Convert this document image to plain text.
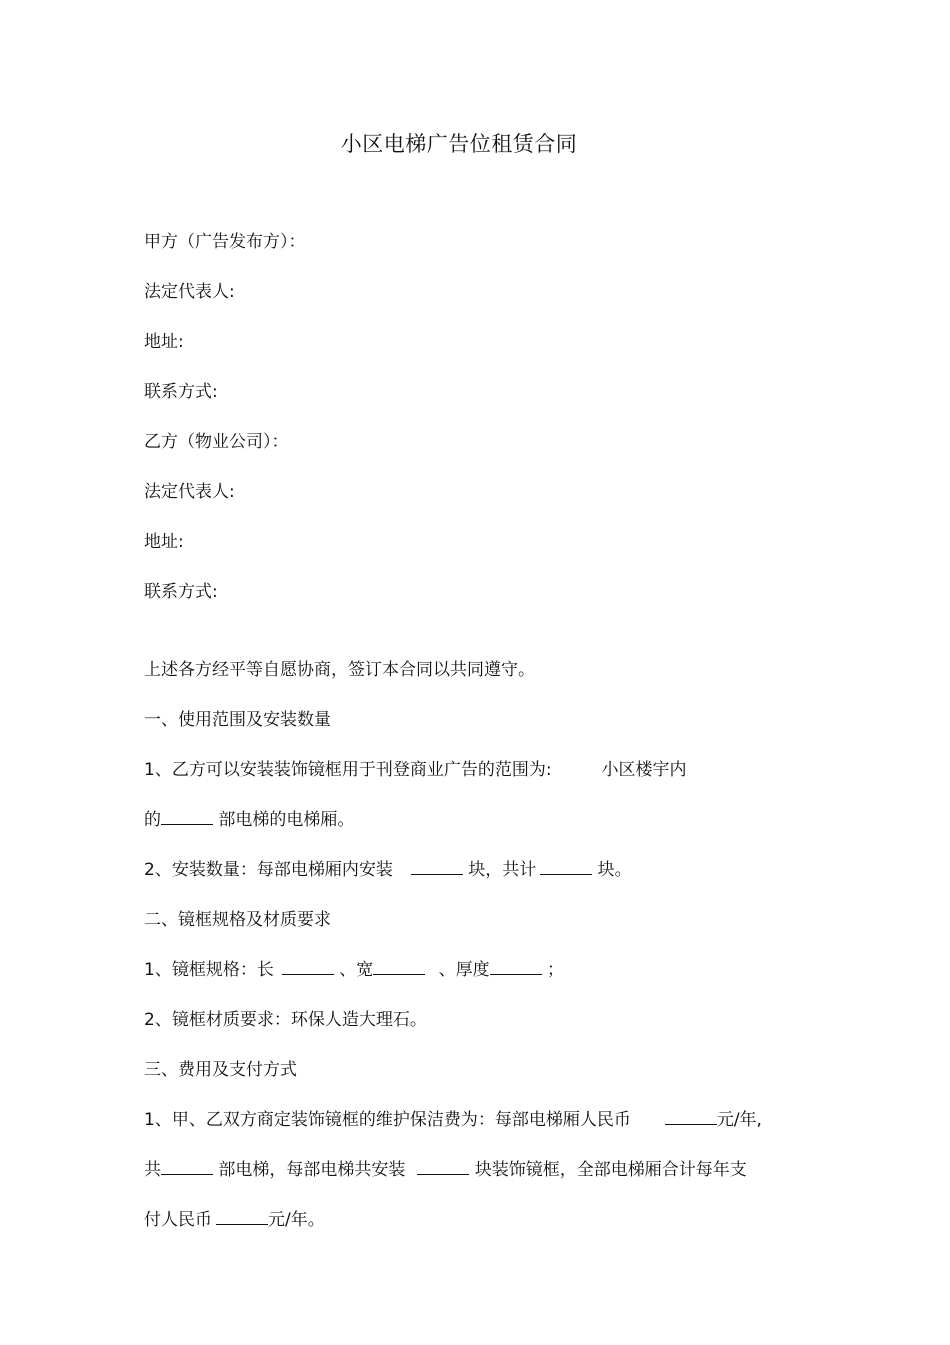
小区电梯广告位租赁合同
甲方（广告发布方）：
法定代表人:
地址:
联系方式:
乙方（物业公司）：
法定代表人:
地址:
联系方式:
上述各方经平等自愿协商，签订本合同以共同遵守。
一、使用范围及安装数量
1、乙方可以安装装饰镜框用于刊登商业广告的范围为:	小区楼宇内
的	部电梯的电梯厢。
2、安装数量：每部电梯厢内安装	块，共计	块。
二、镜框规格及材质要求
1、镜框规格：长	、宽	、厚度	；
2、镜框材质要求：环保人造大理石。
三、费用及支付方式
1、甲、乙双方商定装饰镜框的维护保洁费为：每部电梯厢人民币	元/年,
共	部电梯，每部电梯共安装	块装饰镜框，全部电梯厢合计每年支
付人民币	元/年。
